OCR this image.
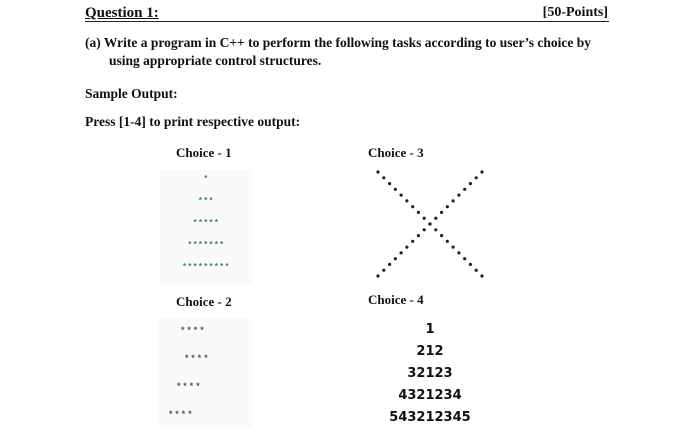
Question 1:	[50-Points]
(a) Write a program in C++ to perform the following tasks according to user’s choice by
using appropriate control structures.
Sample Output:
Press [1-4] to print respective output:
Choice - 1
*
***
*****
*******
*********
Choice - 3
Choice - 2
****
****
****
****
Choice - 4
1
212
32123
4321234
543212345
